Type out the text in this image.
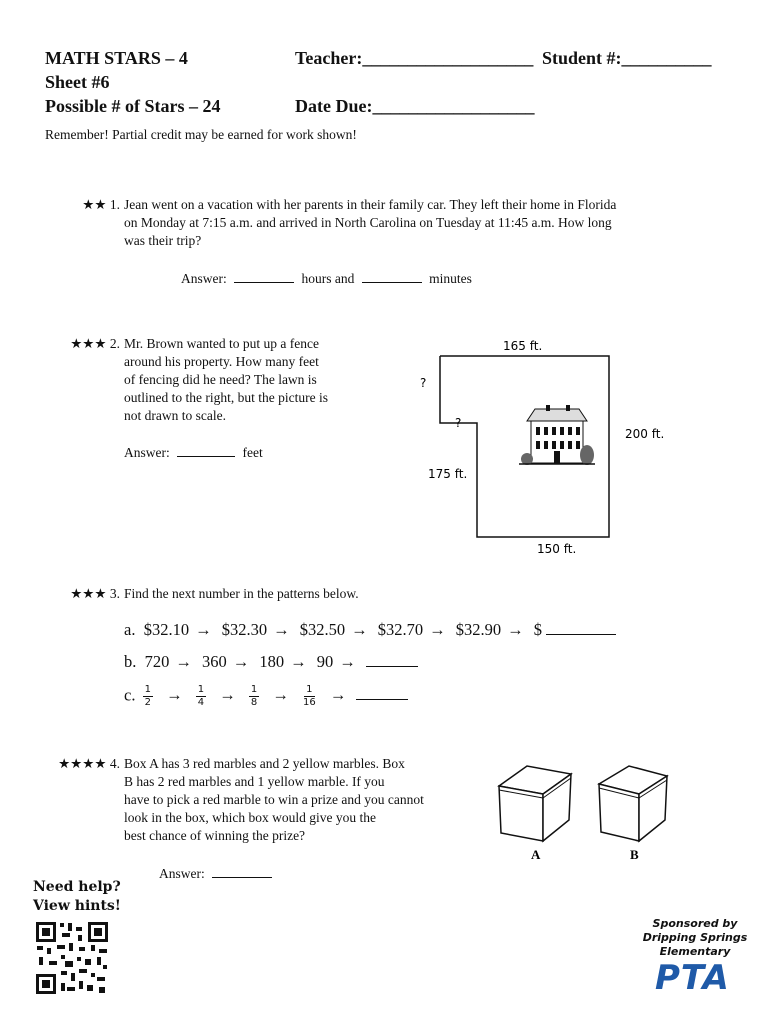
MATH STARS – 4
Sheet #6
Possible # of Stars – 24
Teacher:___________________ Student #:__________
Date Due:__________________
Remember! Partial credit may be earned for work shown!
★★ 1. Jean went on a vacation with her parents in their family car. They left their home in Florida
on Monday at 7:15 a.m. and arrived in North Carolina on Tuesday at 11:45 a.m. How long
was their trip?
Answer:	hours and	minutes
★★★ 2. Mr. Brown wanted to put up a fence
around his property. How many feet
of fencing did he need? The lawn is
outlined to the right, but the picture is
not drawn to scale.
Answer:	feet
165 ft.
?
?
200 ft.
175 ft.
150 ft.
★★★ 3. Find the next number in the patterns below.
a. $32.10 → $32.30 → $32.50 → $32.70 → $32.90 → $
b. 720 → 360 → 180 → 90 →
c. $\frac{1}{2} \to \frac{1}{4} \to \frac{1}{8} \to \frac{1}{16}$ →
★★★★ 4. Box A has 3 red marbles and 2 yellow marbles. Box
B has 2 red marbles and 1 yellow marble. If you
have to pick a red marble to win a prize and you cannot
look in the box, which box would give you the
best chance of winning the prize?
Answer:
A	B
Need help?
View hints!
Sponsored by
Dripping Springs
Elementary
PTA
